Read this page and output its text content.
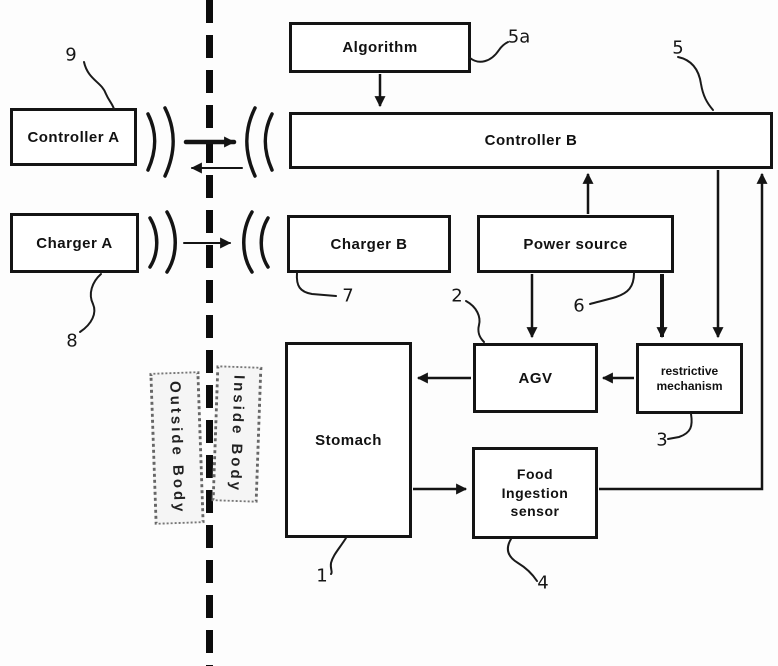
Outside Body	Inside Body
Controller A
Charger A
Algorithm
Controller B
Charger B	Power source
AGV	restrictive mechanism
Stomach
Food Ingestion sensor
9
5a
5
7	2	6
8
3
1	4
